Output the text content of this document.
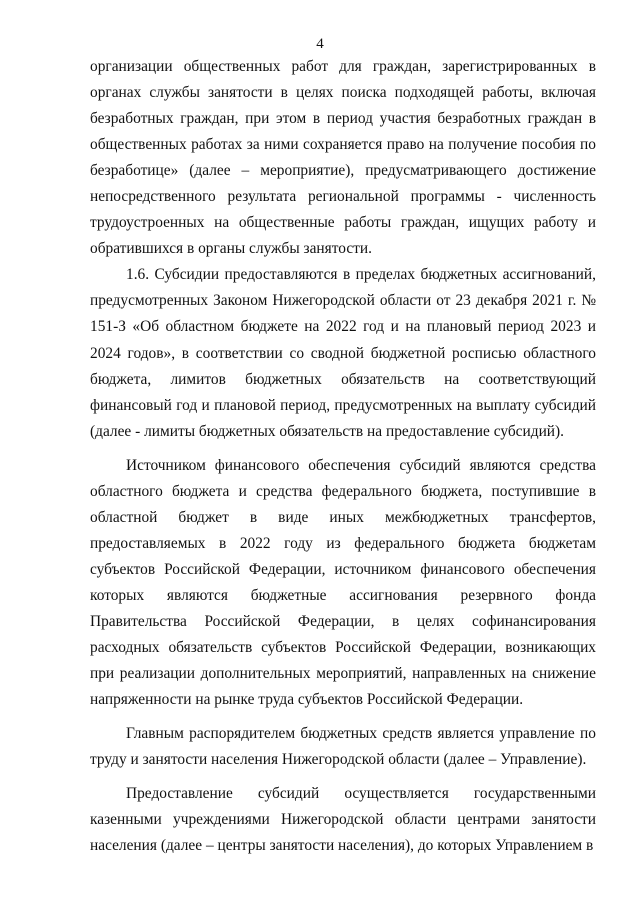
4

организации общественных работ для граждан, зарегистрированных в органах службы занятости в целях поиска подходящей работы, включая безработных граждан, при этом в период участия безработных граждан в общественных работах за ними сохраняется право на получение пособия по безработице» (далее – мероприятие), предусматривающего достижение непосредственного результата региональной программы - численность трудоустроенных на общественные работы граждан, ищущих работу и обратившихся в органы службы занятости.

1.6. Субсидии предоставляются в пределах бюджетных ассигнований, предусмотренных Законом Нижегородской области от 23 декабря 2021 г. № 151-З «Об областном бюджете на 2022 год и на плановый период 2023 и 2024 годов», в соответствии со сводной бюджетной росписью областного бюджета, лимитов бюджетных обязательств на соответствующий финансовый год и плановой период, предусмотренных на выплату субсидий (далее - лимиты бюджетных обязательств на предоставление субсидий).

Источником финансового обеспечения субсидий являются средства областного бюджета и средства федерального бюджета, поступившие в областной бюджет в виде иных межбюджетных трансфертов, предоставляемых в 2022 году из федерального бюджета бюджетам субъектов Российской Федерации, источником финансового обеспечения которых являются бюджетные ассигнования резервного фонда Правительства Российской Федерации, в целях софинансирования расходных обязательств субъектов Российской Федерации, возникающих при реализации дополнительных мероприятий, направленных на снижение напряженности на рынке труда субъектов Российской Федерации.

Главным распорядителем бюджетных средств является управление по труду и занятости населения Нижегородской области (далее – Управление).

Предоставление субсидий осуществляется государственными казенными учреждениями Нижегородской области центрами занятости населения (далее – центры занятости населения), до которых Управлением в
